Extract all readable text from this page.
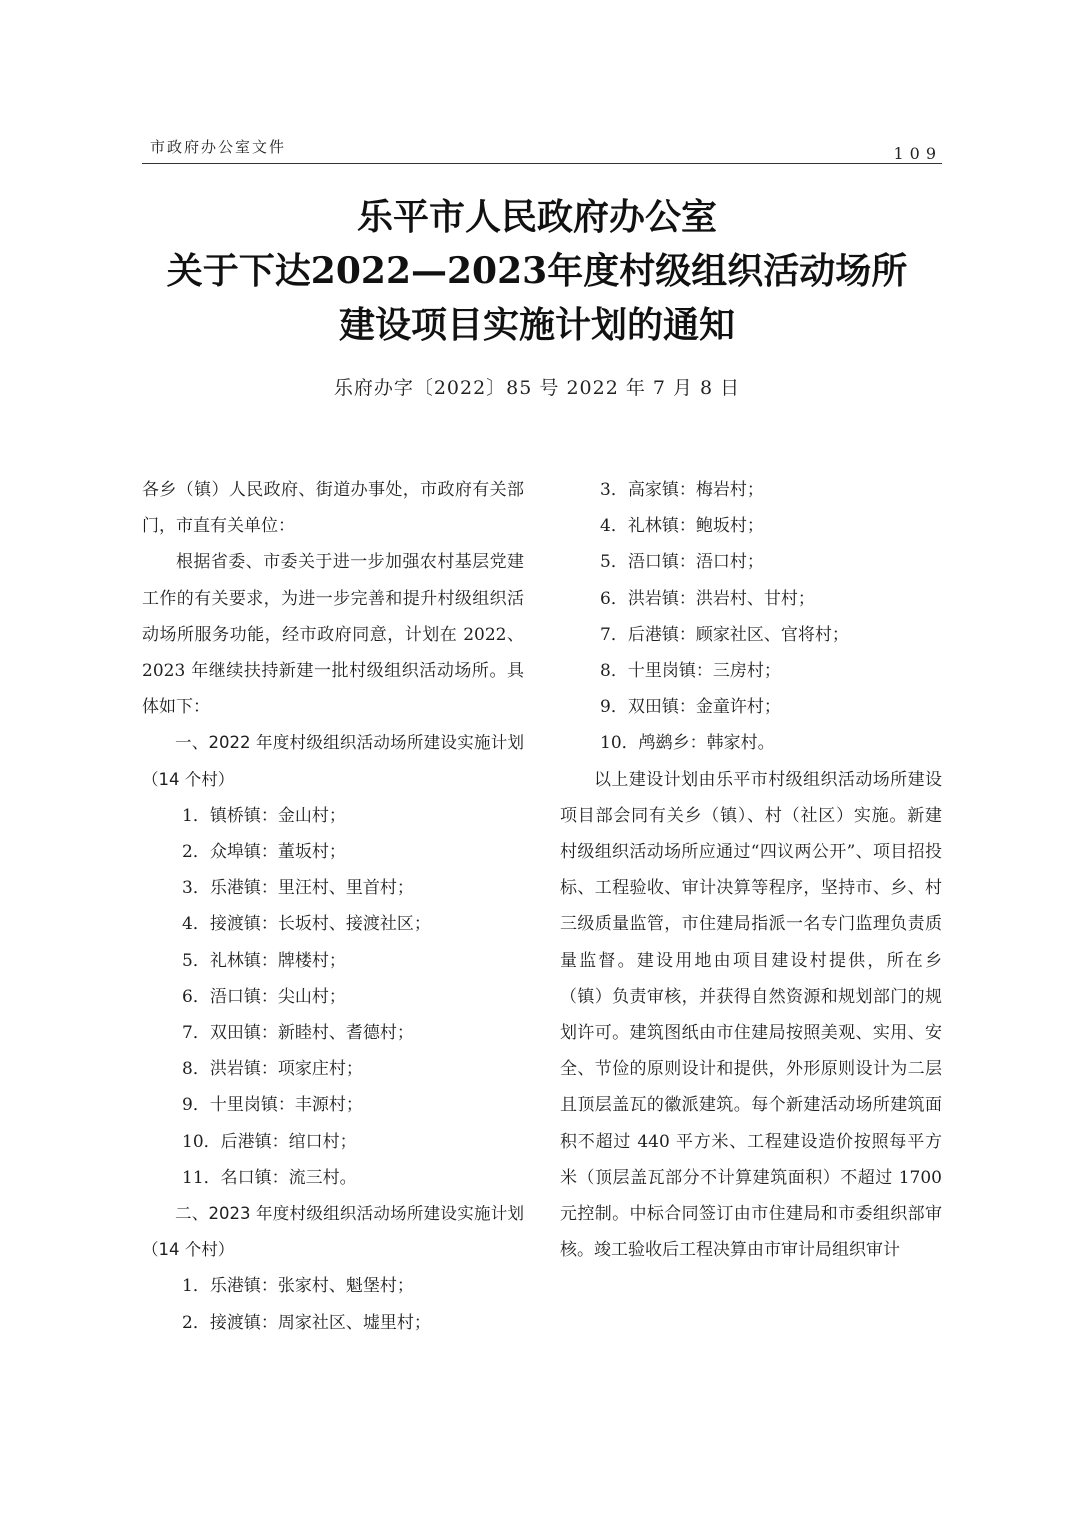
市政府办公室文件	109
乐平市人民政府办公室
关于下达2022—2023年度村级组织活动场所
建设项目实施计划的通知
乐府办字〔2022〕85 号 2022 年 7 月 8 日

各乡（镇）人民政府、街道办事处，市政府有关部门，市直有关单位：

根据省委、市委关于进一步加强农村基层党建工作的有关要求，为进一步完善和提升村级组织活动场所服务功能，经市政府同意，计划在 2022、2023 年继续扶持新建一批村级组织活动场所。具体如下：

一、2022 年度村级组织活动场所建设实施计划（14 个村）

1．镇桥镇：金山村；

2．众埠镇：董坂村；

3．乐港镇：里汪村、里首村；

4．接渡镇：长坂村、接渡社区；

5．礼林镇：牌楼村；

6．浯口镇：尖山村；

7．双田镇：新睦村、耆德村；

8．洪岩镇：项家庄村；

9．十里岗镇：丰源村；

10．后港镇：绾口村；

11．名口镇：流三村。

二、2023 年度村级组织活动场所建设实施计划（14 个村）

1．乐港镇：张家村、魁堡村；

2．接渡镇：周家社区、墟里村；

3．高家镇：梅岩村；

4．礼林镇：鲍坂村；

5．浯口镇：浯口村；

6．洪岩镇：洪岩村、甘村；

7．后港镇：顾家社区、官将村；

8．十里岗镇：三房村；

9．双田镇：金童许村；

10．鸬鹚乡：韩家村。

以上建设计划由乐平市村级组织活动场所建设项目部会同有关乡（镇）、村（社区）实施。新建村级组织活动场所应通过“四议两公开”、项目招投标、工程验收、审计决算等程序，坚持市、乡、村三级质量监管，市住建局指派一名专门监理负责质量监督。建设用地由项目建设村提供，所在乡（镇）负责审核，并获得自然资源和规划部门的规划许可。建筑图纸由市住建局按照美观、实用、安全、节俭的原则设计和提供，外形原则设计为二层且顶层盖瓦的徽派建筑。每个新建活动场所建筑面积不超过 440 平方米、工程建设造价按照每平方米（顶层盖瓦部分不计算建筑面积）不超过 1700 元控制。中标合同签订由市住建局和市委组织部审核。竣工验收后工程决算由市审计局组织审计
